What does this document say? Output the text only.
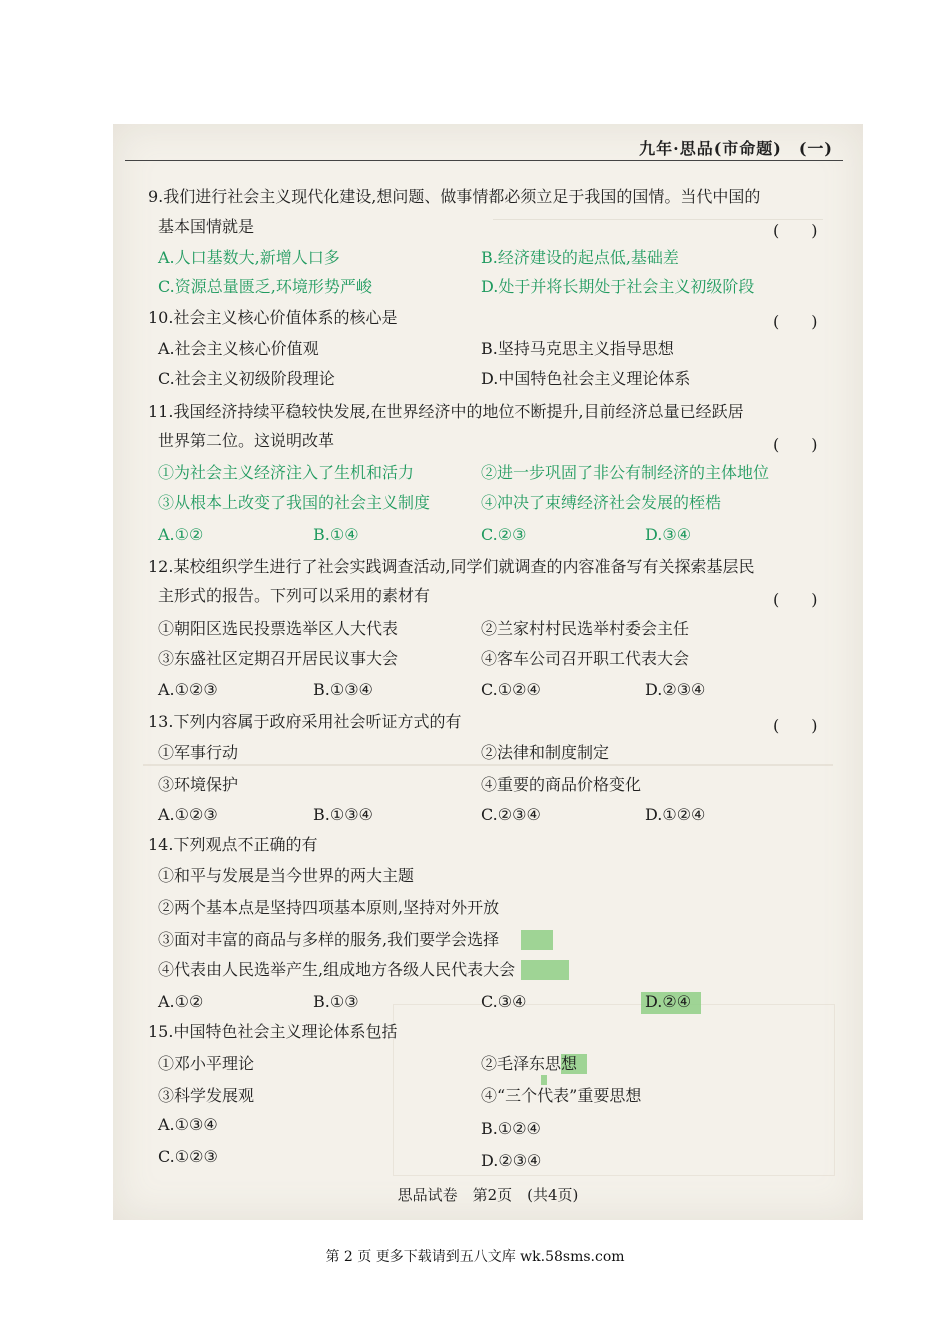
九年·思品(市命题)　(一)
9.我们进行社会主义现代化建设,想问题、做事情都必须立足于我国的国情。当代中国的
基本国情就是	(　　)
A.人口基数大,新增人口多	B.经济建设的起点低,基础差
C.资源总量匮乏,环境形势严峻	D.处于并将长期处于社会主义初级阶段
10.社会主义核心价值体系的核心是	(　　)
A.社会主义核心价值观	B.坚持马克思主义指导思想
C.社会主义初级阶段理论	D.中国特色社会主义理论体系
11.我国经济持续平稳较快发展,在世界经济中的地位不断提升,目前经济总量已经跃居
世界第二位。这说明改革	(　　)
①为社会主义经济注入了生机和活力	②进一步巩固了非公有制经济的主体地位
③从根本上改变了我国的社会主义制度	④冲决了束缚经济社会发展的桎梏
A.①②	B.①④	C.②③	D.③④
12.某校组织学生进行了社会实践调查活动,同学们就调查的内容准备写有关探索基层民
主形式的报告。下列可以采用的素材有	(　　)
①朝阳区选民投票选举区人大代表	②兰家村村民选举村委会主任
③东盛社区定期召开居民议事大会	④客车公司召开职工代表大会
A.①②③	B.①③④	C.①②④	D.②③④
13.下列内容属于政府采用社会听证方式的有	(　　)
①军事行动	②法律和制度制定
③环境保护	④重要的商品价格变化
A.①②③	B.①③④	C.②③④	D.①②④
14.下列观点不正确的有
①和平与发展是当今世界的两大主题
②两个基本点是坚持四项基本原则,坚持对外开放
③面对丰富的商品与多样的服务,我们要学会选择
④代表由人民选举产生,组成地方各级人民代表大会
A.①②	B.①③	C.③④	D.②④
15.中国特色社会主义理论体系包括
①邓小平理论	②毛泽东思想
③科学发展观	④“三个代表”重要思想
A.①③④	B.①②④
C.①②③	D.②③④
思品试卷　第2页　(共4页)
第 2 页 更多下载请到五八文库 wk.58sms.com
